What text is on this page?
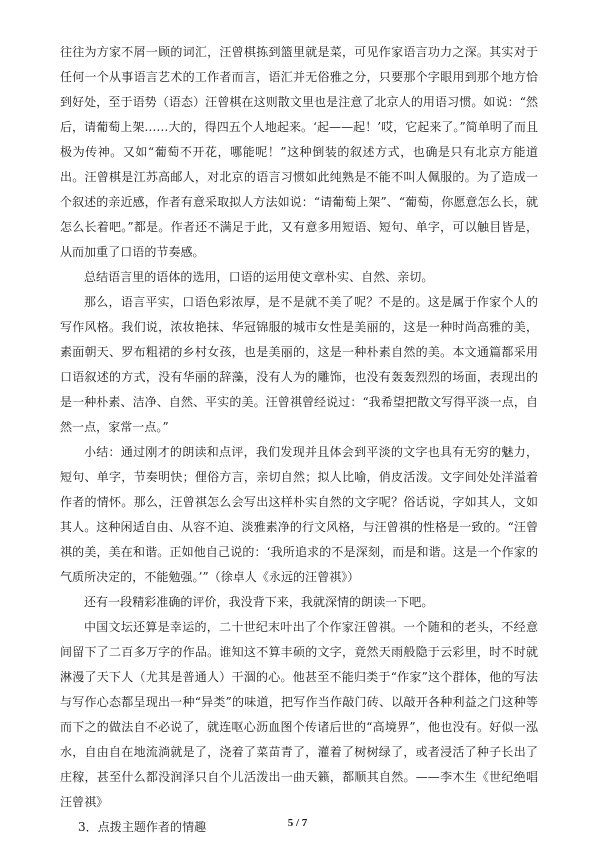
往往为方家不屑一顾的词汇，汪曾棋拣到篮里就是菜，可见作家语言功力之深。其实对于任何一个从事语言艺术的工作者而言，语汇并无俗雅之分，只要那个字眼用到那个地方恰到好处，至于语势（语态）汪曾棋在这则散文里也是注意了北京人的用语习惯。如说：“然后，请葡萄上架……大的，得四五个人地起来。‘起——起！’哎，它起来了。”简单明了而且极为传神。又如“葡萄不开花，哪能呢！”这种倒装的叙述方式，也确是只有北京方能道出。汪曾棋是江苏高邮人，对北京的语言习惯如此纯熟是不能不叫人佩服的。为了造成一个叙述的亲近感，作者有意采取拟人方法如说：“请葡萄上架”、“葡萄，你愿意怎么长，就怎么长着吧。”都是。作者还不满足于此，又有意多用短语、短句、单字，可以触目皆是，从而加重了口语的节奏感。

总结语言里的语体的选用，口语的运用使文章朴实、自然、亲切。

那么，语言平实，口语色彩浓厚，是不是就不美了呢？不是的。这是属于作家个人的写作风格。我们说，浓妆艳抹、华冠锦服的城市女性是美丽的，这是一种时尚高雅的美，素面朝天、罗布粗裙的乡村女孩，也是美丽的，这是一种朴素自然的美。本文通篇都采用口语叙述的方式，没有华丽的辞藻，没有人为的雕饰，也没有轰轰烈烈的场面，表现出的是一种朴素、洁净、自然、平实的美。汪曾祺曾经说过：“我希望把散文写得平淡一点，自然一点，家常一点。”

小结：通过刚才的朗读和点评，我们发现并且体会到平淡的文字也具有无穷的魅力，短句、单字，节奏明快；俚俗方言，亲切自然；拟人比喻，俏皮活泼。文字间处处洋溢着作者的情怀。那么，汪曾祺怎么会写出这样朴实自然的文字呢？俗话说，字如其人，文如其人。这种闲适自由、从容不迫、淡雅素净的行文风格，与汪曾祺的性格是一致的。“汪曾祺的美，美在和谐。正如他自己说的：‘我所追求的不是深刻，而是和谐。这是一个作家的气质所决定的，不能勉强。’”（徐卓人《永远的汪曾祺》）

还有一段精彩准确的评价，我没背下来，我就深情的朗读一下吧。

中国文坛还算是幸运的，二十世纪末叶出了个作家汪曾祺。一个随和的老头，不经意间留下了二百多万字的作品。谁知这不算丰硕的文字，竟然天雨般隐于云彩里，时不时就淋漫了天下人（尤其是普通人）干涸的心。他甚至不能归类于“作家”这个群体，他的写法与写作心态都呈现出一种“异类”的味道，把写作当作敲门砖、以敲开各种利益之门这种等而下之的做法自不必说了，就连呕心沥血图个传诸后世的“高境界”，他也没有。好似一泓水，自由自在地流淌就是了，浇着了菜苗青了，灌着了树树绿了，或者浸活了种子长出了庄稼，甚至什么都没润泽只自个儿活泼出一曲天籁，都顺其自然。——李木生《世纪绝唱汪曾祺》

3．点拨主题作者的情趣	5 / 7
